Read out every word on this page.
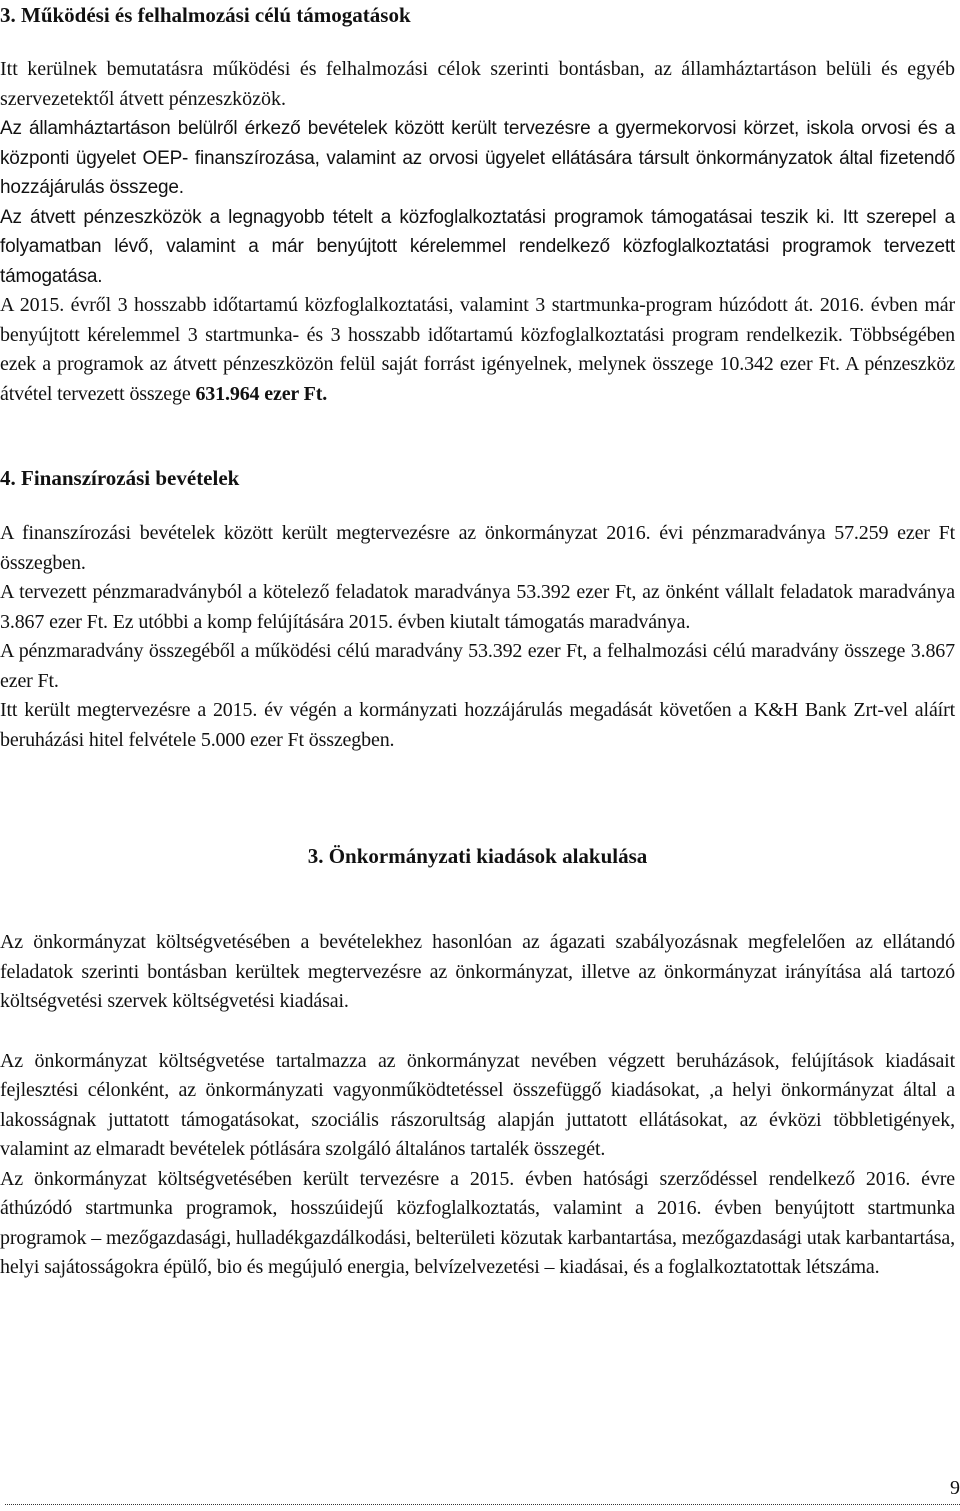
3. Működési és felhalmozási célú támogatások

Itt kerülnek bemutatásra működési és felhalmozási célok szerinti bontásban, az államháztartáson belüli és egyéb szervezetektől átvett pénzeszközök.

Az államháztartáson belülről érkező bevételek között került tervezésre a gyermekorvosi körzet, iskola orvosi és a központi ügyelet OEP- finanszírozása, valamint az orvosi ügyelet ellátására társult önkormányzatok által fizetendő hozzájárulás összege.

Az átvett pénzeszközök a legnagyobb tételt a közfoglalkoztatási programok támogatásai teszik ki. Itt szerepel a folyamatban lévő, valamint a már benyújtott kérelemmel rendelkező közfoglalkoztatási programok tervezett támogatása.

A 2015. évről 3 hosszabb időtartamú közfoglalkoztatási, valamint 3 startmunka-program húzódott át. 2016. évben már benyújtott kérelemmel 3 startmunka- és 3 hosszabb időtartamú közfoglalkoztatási program rendelkezik. Többségében ezek a programok az átvett pénzeszközön felül saját forrást igényelnek, melynek összege 10.342 ezer Ft. A pénzeszköz átvétel tervezett összege 631.964 ezer Ft.

4. Finanszírozási bevételek

A finanszírozási bevételek között került megtervezésre az önkormányzat 2016. évi pénzmaradványa 57.259 ezer Ft összegben.

A tervezett pénzmaradványból a kötelező feladatok maradványa 53.392 ezer Ft, az önként vállalt feladatok maradványa 3.867 ezer Ft. Ez utóbbi a komp felújítására 2015. évben kiutalt támogatás maradványa.

A pénzmaradvány összegéből a működési célú maradvány 53.392 ezer Ft, a felhalmozási célú maradvány összege 3.867 ezer Ft.

Itt került megtervezésre a 2015. év végén a kormányzati hozzájárulás megadását követően a K&H Bank Zrt-vel aláírt beruházási hitel felvétele 5.000 ezer Ft összegben.

3. Önkormányzati kiadások alakulása

Az önkormányzat költségvetésében a bevételekhez hasonlóan az ágazati szabályozásnak megfelelően az ellátandó feladatok szerinti bontásban kerültek megtervezésre az önkormányzat, illetve az önkormányzat irányítása alá tartozó költségvetési szervek költségvetési kiadásai.

Az önkormányzat költségvetése tartalmazza az önkormányzat nevében végzett beruházások, felújítások kiadásait fejlesztési célonként, az önkormányzati vagyonműködtetéssel összefüggő kiadásokat, ,a helyi önkormányzat által a lakosságnak juttatott támogatásokat, szociális rászorultság alapján juttatott ellátásokat, az évközi többletigények, valamint az elmaradt bevételek pótlására szolgáló általános tartalék összegét.

Az önkormányzat költségvetésében került tervezésre a 2015. évben hatósági szerződéssel rendelkező 2016. évre áthúzódó startmunka programok, hosszúidejű közfoglalkoztatás, valamint a 2016. évben benyújtott startmunka programok – mezőgazdasági, hulladékgazdálkodási, belterületi közutak karbantartása, mezőgazdasági utak karbantartása, helyi sajátosságokra épülő, bio és megújuló energia, belvízelvezetési – kiadásai, és a foglalkoztatottak létszáma.

9
